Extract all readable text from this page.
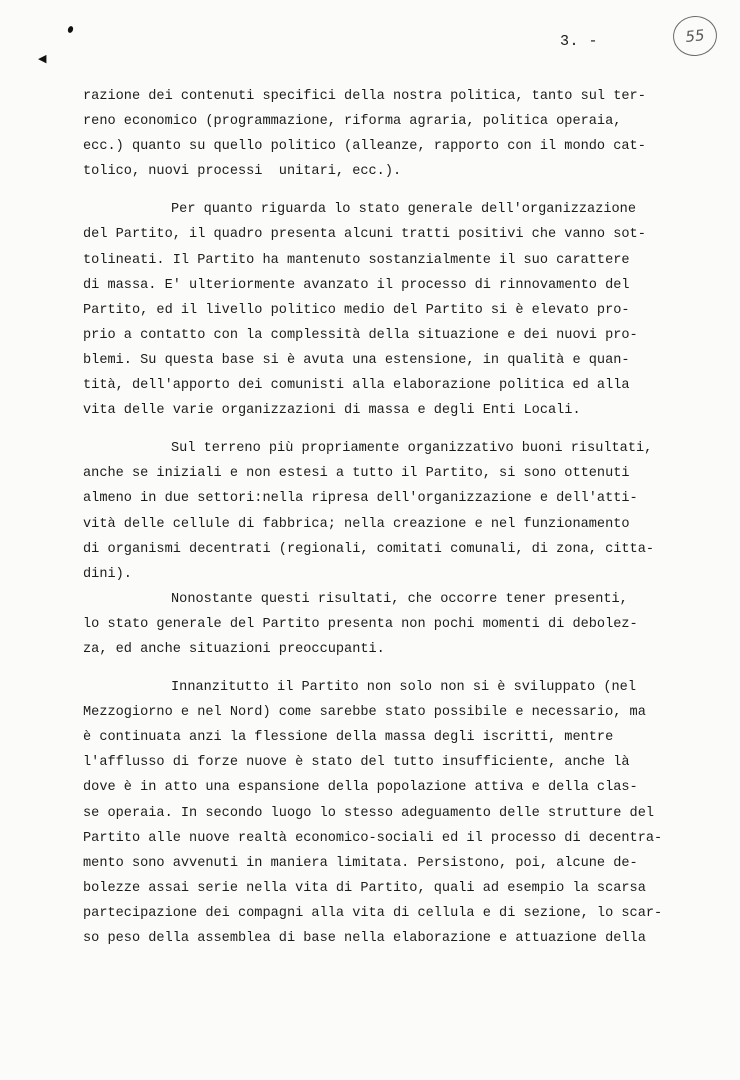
◀
3. -	55
razione dei contenuti specifici della nostra politica, tanto sul ter-
reno economico (programmazione, riforma agraria, politica operaia,
ecc.) quanto su quello politico (alleanze, rapporto con il mondo cat-
tolico, nuovi processi  unitari, ecc.).
Per quanto riguarda lo stato generale dell'organizzazione
del Partito, il quadro presenta alcuni tratti positivi che vanno sot-
tolineati. Il Partito ha mantenuto sostanzialmente il suo carattere
di massa. E' ulteriormente avanzato il processo di rinnovamento del
Partito, ed il livello politico medio del Partito si è elevato pro-
prio a contatto con la complessità della situazione e dei nuovi pro-
blemi. Su questa base si è avuta una estensione, in qualità e quan-
tità, dell'apporto dei comunisti alla elaborazione politica ed alla
vita delle varie organizzazioni di massa e degli Enti Locali.
Sul terreno più propriamente organizzativo buoni risultati,
anche se iniziali e non estesi a tutto il Partito, si sono ottenuti
almeno in due settori:nella ripresa dell'organizzazione e dell'atti-
vità delle cellule di fabbrica; nella creazione e nel funzionamento
di organismi decentrati (regionali, comitati comunali, di zona, citta-
dini).
Nonostante questi risultati, che occorre tener presenti,
lo stato generale del Partito presenta non pochi momenti di debolez-
za, ed anche situazioni preoccupanti.
Innanzitutto il Partito non solo non si è sviluppato (nel
Mezzogiorno e nel Nord) come sarebbe stato possibile e necessario, ma
è continuata anzi la flessione della massa degli iscritti, mentre
l'afflusso di forze nuove è stato del tutto insufficiente, anche là
dove è in atto una espansione della popolazione attiva e della clas-
se operaia. In secondo luogo lo stesso adeguamento delle strutture del
Partito alle nuove realtà economico-sociali ed il processo di decentra-
mento sono avvenuti in maniera limitata. Persistono, poi, alcune de-
bolezze assai serie nella vita di Partito, quali ad esempio la scarsa
partecipazione dei compagni alla vita di cellula e di sezione, lo scar-
so peso della assemblea di base nella elaborazione e attuazione della
